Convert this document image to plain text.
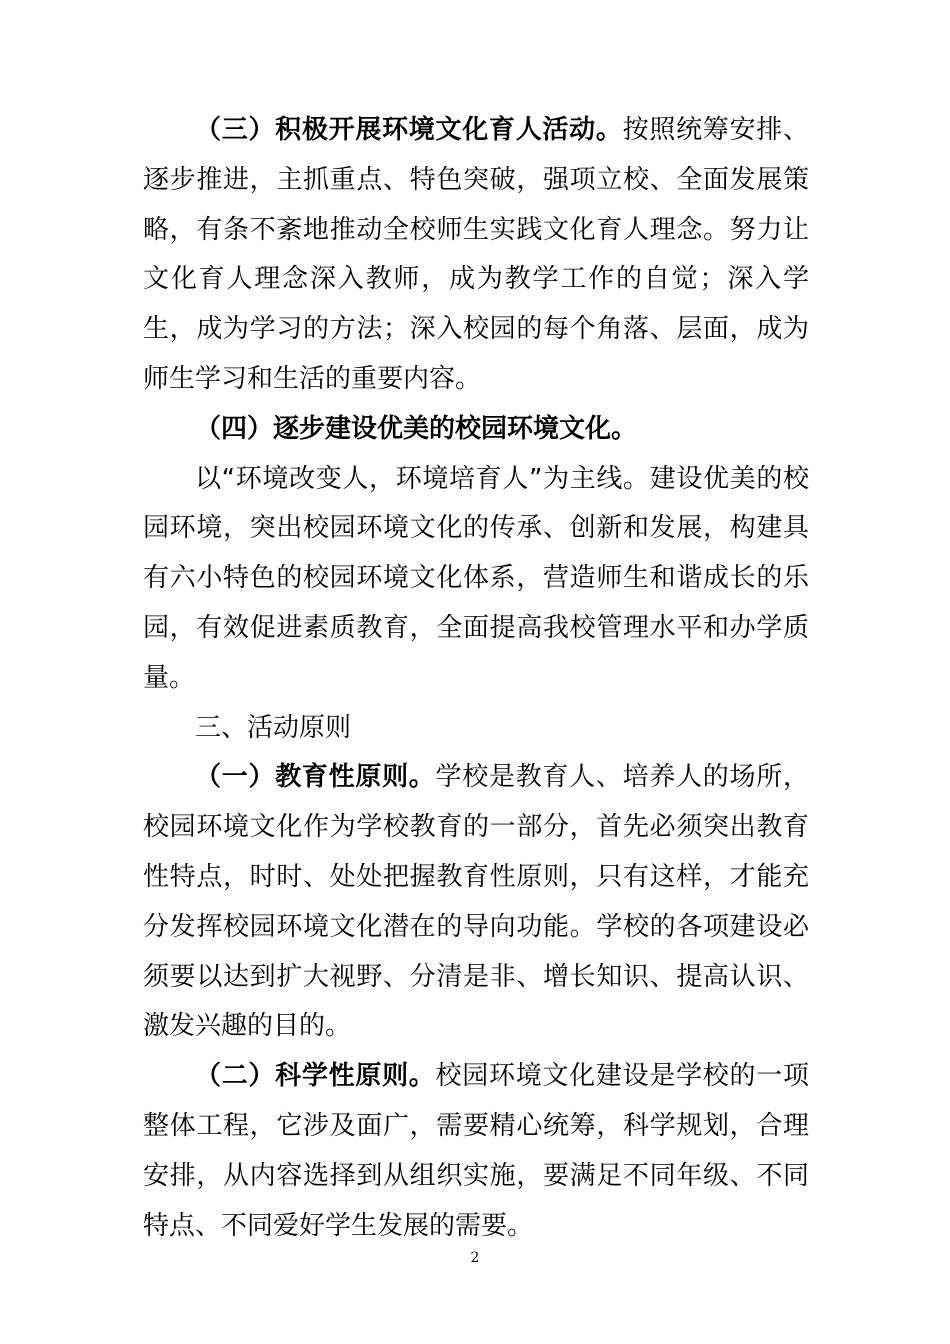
（三）积极开展环境文化育人活动。按照统筹安排、逐步推进，主抓重点、特色突破，强项立校、全面发展策略，有条不紊地推动全校师生实践文化育人理念。努力让文化育人理念深入教师，成为教学工作的自觉；深入学生，成为学习的方法；深入校园的每个角落、层面，成为师生学习和生活的重要内容。

（四）逐步建设优美的校园环境文化。

以“环境改变人，环境培育人”为主线。建设优美的校园环境，突出校园环境文化的传承、创新和发展，构建具有六小特色的校园环境文化体系，营造师生和谐成长的乐园，有效促进素质教育，全面提高我校管理水平和办学质量。

三、活动原则

（一）教育性原则。学校是教育人、培养人的场所，校园环境文化作为学校教育的一部分，首先必须突出教育性特点，时时、处处把握教育性原则，只有这样，才能充分发挥校园环境文化潜在的导向功能。学校的各项建设必须要以达到扩大视野、分清是非、增长知识、提高认识、激发兴趣的目的。

（二）科学性原则。校园环境文化建设是学校的一项整体工程，它涉及面广，需要精心统筹，科学规划，合理安排，从内容选择到从组织实施，要满足不同年级、不同特点、不同爱好学生发展的需要。

2
